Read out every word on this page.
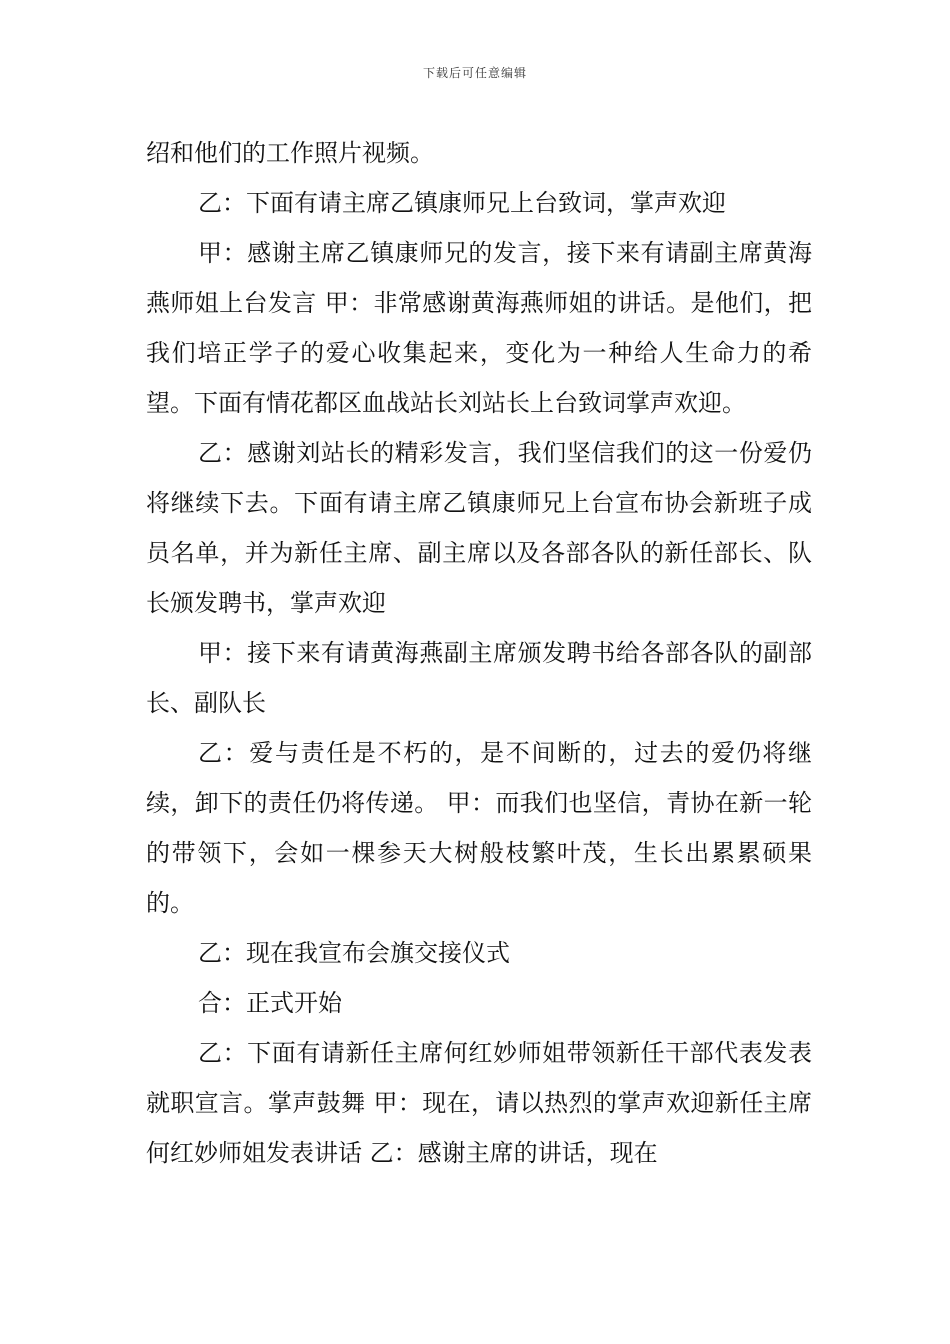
下载后可任意编辑

绍和他们的工作照片视频。

乙：下面有请主席乙镇康师兄上台致词，掌声欢迎

甲：感谢主席乙镇康师兄的发言，接下来有请副主席黄海燕师姐上台发言 甲：非常感谢黄海燕师姐的讲话。是他们，把我们培正学子的爱心收集起来，变化为一种给人生命力的希望。下面有情花都区血战站长刘站长上台致词掌声欢迎。

乙：感谢刘站长的精彩发言，我们坚信我们的这一份爱仍将继续下去。下面有请主席乙镇康师兄上台宣布协会新班子成员名单，并为新任主席、副主席以及各部各队的新任部长、队长颁发聘书，掌声欢迎

甲：接下来有请黄海燕副主席颁发聘书给各部各队的副部长、副队长

乙：爱与责任是不朽的，是不间断的，过去的爱仍将继续，卸下的责任仍将传递。 甲：而我们也坚信，青协在新一轮的带领下，会如一棵参天大树般枝繁叶茂，生长出累累硕果的。

乙：现在我宣布会旗交接仪式

合：正式开始

乙：下面有请新任主席何红妙师姐带领新任干部代表发表就职宣言。掌声鼓舞 甲：现在，请以热烈的掌声欢迎新任主席何红妙师姐发表讲话 乙：感谢主席的讲话，现在
